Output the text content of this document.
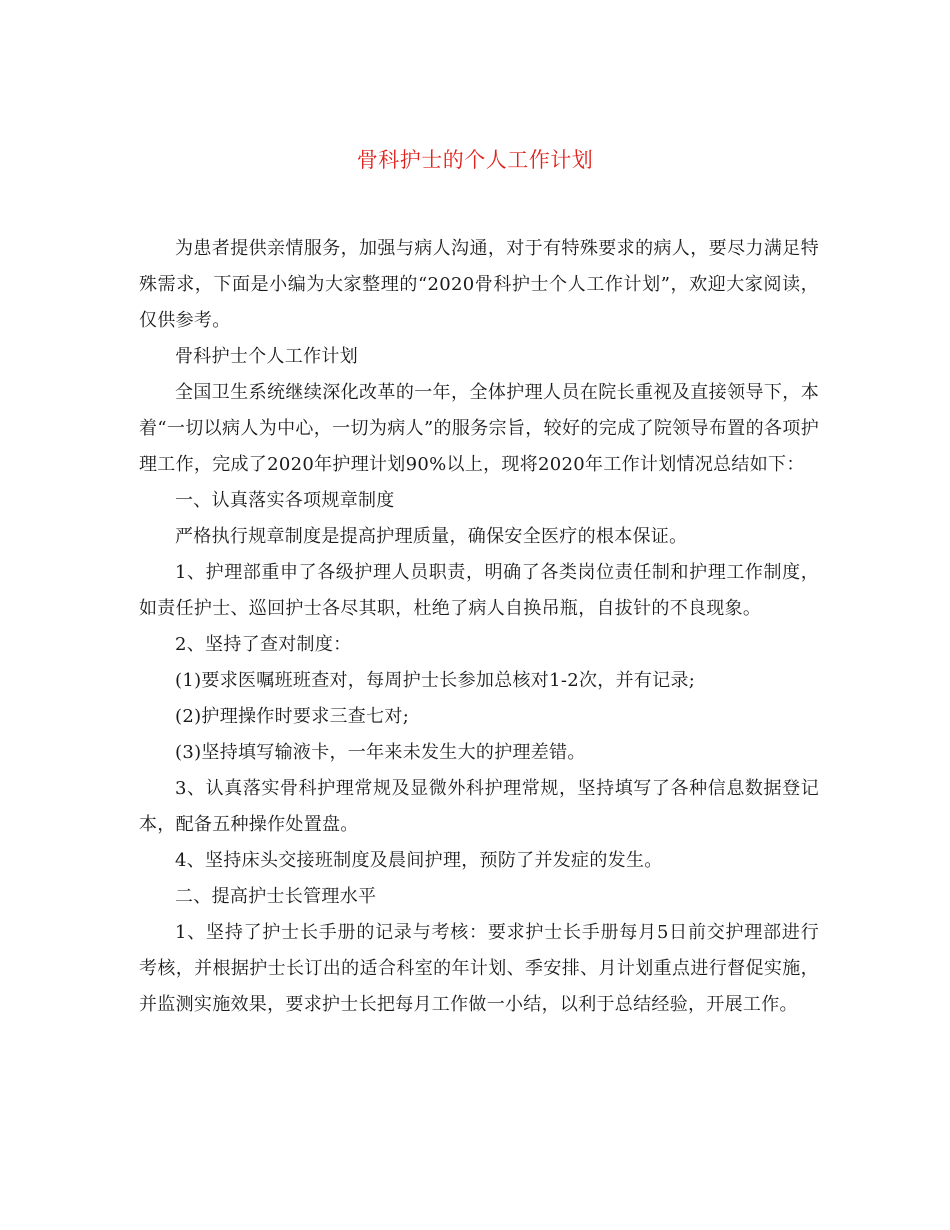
骨科护士的个人工作计划

为患者提供亲情服务，加强与病人沟通，对于有特殊要求的病人，要尽力满足特殊需求，下面是小编为大家整理的“2020骨科护士个人工作计划”，欢迎大家阅读，仅供参考。

骨科护士个人工作计划

全国卫生系统继续深化改革的一年，全体护理人员在院长重视及直接领导下，本着“一切以病人为中心，一切为病人”的服务宗旨，较好的完成了院领导布置的各项护理工作，完成了2020年护理计划90%以上，现将2020年工作计划情况总结如下：

一、认真落实各项规章制度

严格执行规章制度是提高护理质量，确保安全医疗的根本保证。

1、护理部重申了各级护理人员职责，明确了各类岗位责任制和护理工作制度，如责任护士、巡回护士各尽其职，杜绝了病人自换吊瓶，自拔针的不良现象。

2、坚持了查对制度：

(1)要求医嘱班班查对，每周护士长参加总核对1-2次，并有记录;

(2)护理操作时要求三查七对;

(3)坚持填写输液卡，一年来未发生大的护理差错。

3、认真落实骨科护理常规及显微外科护理常规，坚持填写了各种信息数据登记本，配备五种操作处置盘。

4、坚持床头交接班制度及晨间护理，预防了并发症的发生。

二、提高护士长管理水平

1、坚持了护士长手册的记录与考核：要求护士长手册每月5日前交护理部进行考核，并根据护士长订出的适合科室的年计划、季安排、月计划重点进行督促实施，并监测实施效果，要求护士长把每月工作做一小结，以利于总结经验，开展工作。
